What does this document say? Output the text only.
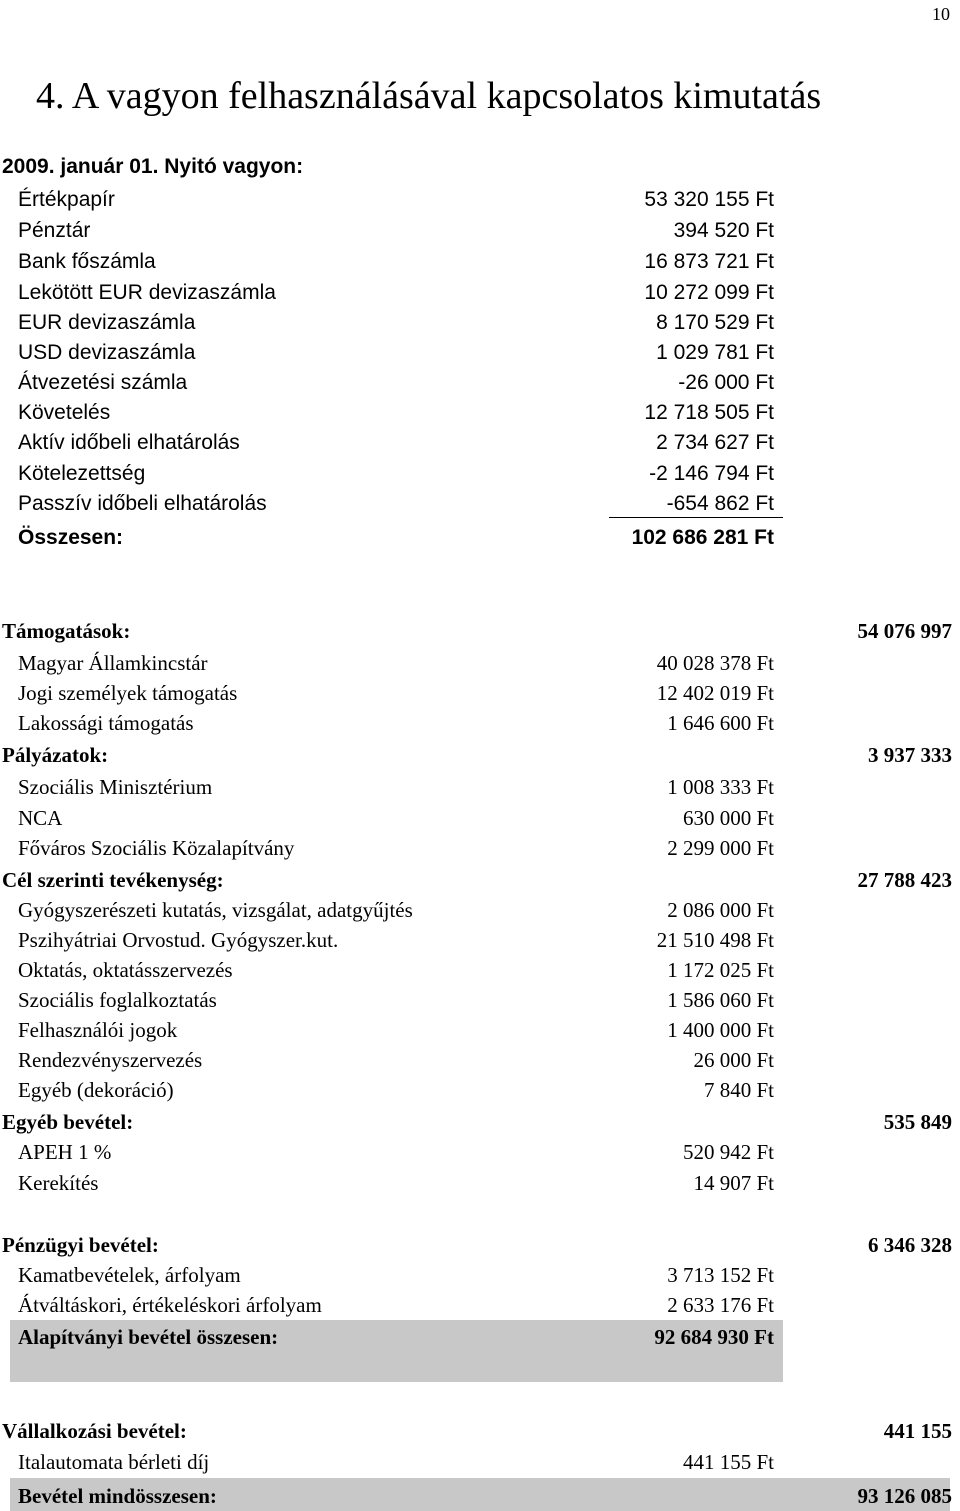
10
4. A vagyon felhasználásával kapcsolatos kimutatás
2009. január 01. Nyitó vagyon:
Értékpapír	53 320 155 Ft
Pénztár	394 520 Ft
Bank főszámla	16 873 721 Ft
Lekötött EUR devizaszámla	10 272 099 Ft
EUR devizaszámla	8 170 529 Ft
USD devizaszámla	1 029 781 Ft
Átvezetési számla	-26 000 Ft
Követelés	12 718 505 Ft
Aktív időbeli elhatárolás	2 734 627 Ft
Kötelezettség	-2 146 794 Ft
Passzív időbeli elhatárolás	-654 862 Ft
Összesen:	102 686 281 Ft
Támogatások:	54 076 997
Magyar Államkincstár	40 028 378 Ft
Jogi személyek támogatás	12 402 019 Ft
Lakossági támogatás	1 646 600 Ft
Pályázatok:	3 937 333
Szociális Minisztérium	1 008 333 Ft
NCA	630 000 Ft
Főváros Szociális Közalapítvány	2 299 000 Ft
Cél szerinti tevékenység:	27 788 423
Gyógyszerészeti kutatás, vizsgálat, adatgyűjtés	2 086 000 Ft
Pszihyátriai Orvostud. Gyógyszer.kut.	21 510 498 Ft
Oktatás, oktatásszervezés	1 172 025 Ft
Szociális foglalkoztatás	1 586 060 Ft
Felhasználói jogok	1 400 000 Ft
Rendezvényszervezés	26 000 Ft
Egyéb (dekoráció)	7 840 Ft
Egyéb bevétel:	535 849
APEH 1 %	520 942 Ft
Kerekítés	14 907 Ft
Pénzügyi bevétel:	6 346 328
Kamatbevételek, árfolyam	3 713 152 Ft
Átváltáskori, értékeléskori árfolyam	2 633 176 Ft
Alapítványi bevétel összesen:	92 684 930 Ft
Vállalkozási bevétel:	441 155
Italautomata bérleti díj	441 155 Ft
Bevétel mindösszesen:	93 126 085
